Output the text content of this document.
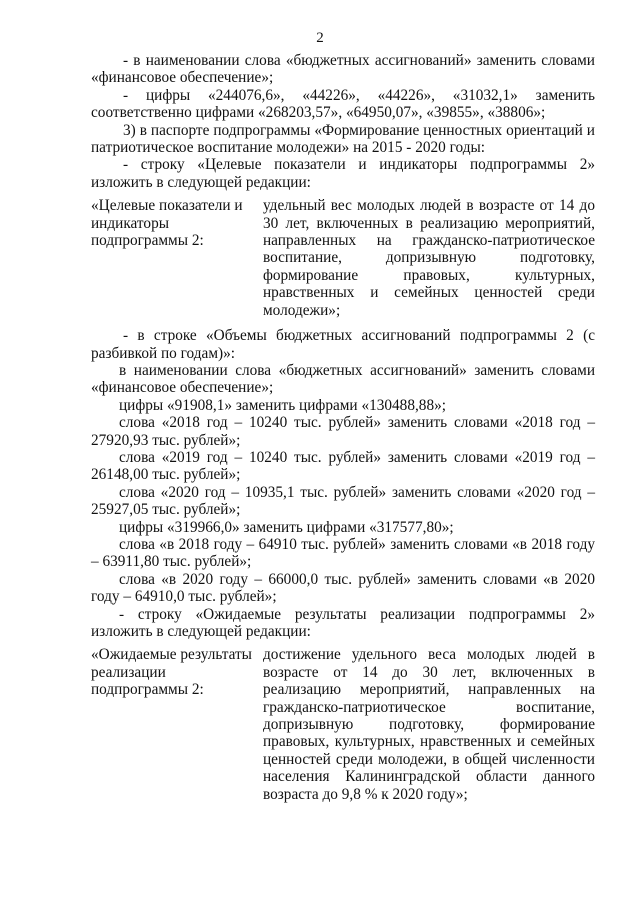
2

- в наименовании слова «бюджетных ассигнований» заменить словами «финансовое обеспечение»;

- цифры «244076,6», «44226», «44226», «31032,1» заменить соответственно цифрами «268203,57», «64950,07», «39855», «38806»;

3) в паспорте подпрограммы «Формирование ценностных ориентаций и патриотическое воспитание молодежи» на 2015 - 2020 годы:

- строку «Целевые показатели и индикаторы подпрограммы 2» изложить в следующей редакции:

«Целевые показатели и индикаторы подпрограммы 2:
удельный вес молодых людей в возрасте от 14 до 30 лет, включенных в реализацию мероприятий, направленных на гражданско-патриотическое воспитание, допризывную подготовку, формирование правовых, культурных, нравственных и семейных ценностей среди молодежи»;

- в строке «Объемы бюджетных ассигнований подпрограммы 2 (с разбивкой по годам)»:

в наименовании слова «бюджетных ассигнований» заменить словами «финансовое обеспечение»;

цифры «91908,1» заменить цифрами «130488,88»;

слова «2018 год – 10240 тыс. рублей» заменить словами «2018 год – 27920,93 тыс. рублей»;

слова «2019 год – 10240 тыс. рублей» заменить словами «2019 год – 26148,00 тыс. рублей»;

слова «2020 год – 10935,1 тыс. рублей» заменить словами «2020 год – 25927,05 тыс. рублей»;

цифры «319966,0» заменить цифрами «317577,80»;

слова «в 2018 году – 64910 тыс. рублей» заменить словами «в 2018 году – 63911,80 тыс. рублей»;

слова «в 2020 году – 66000,0 тыс. рублей» заменить словами «в 2020 году – 64910,0 тыс. рублей»;

- строку «Ожидаемые результаты реализации подпрограммы 2» изложить в следующей редакции:

«Ожидаемые результаты реализации подпрограммы 2:
достижение удельного веса молодых людей в возрасте от 14 до 30 лет, включенных в реализацию мероприятий, направленных на гражданско-патриотическое воспитание, допризывную подготовку, формирование правовых, культурных, нравственных и семейных ценностей среди молодежи, в общей численности населения Калининградской области данного возраста до 9,8 % к 2020 году»;
